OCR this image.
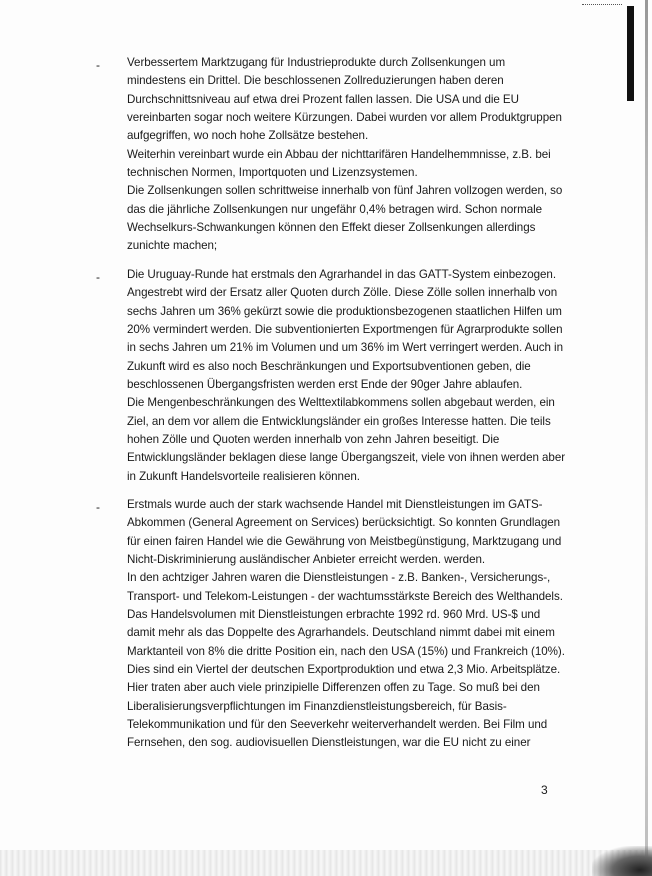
- Verbessertem Marktzugang für Industrieprodukte durch Zollsenkungen um
mindestens ein Drittel. Die beschlossenen Zollreduzierungen haben deren
Durchschnittsniveau auf etwa drei Prozent fallen lassen. Die USA und die EU
vereinbarten sogar noch weitere Kürzungen. Dabei wurden vor allem Produktgruppen
aufgegriffen, wo noch hohe Zollsätze bestehen.
Weiterhin vereinbart wurde ein Abbau der nichttarifären Handelhemmnisse, z.B. bei
technischen Normen, Importquoten und Lizenzsystemen.
Die Zollsenkungen sollen schrittweise innerhalb von fünf Jahren vollzogen werden, so
das die jährliche Zollsenkungen nur ungefähr 0,4% betragen wird. Schon normale
Wechselkurs-Schwankungen können den Effekt dieser Zollsenkungen allerdings
zunichte machen;
- Die Uruguay-Runde hat erstmals den Agrarhandel in das GATT-System einbezogen.
Angestrebt wird der Ersatz aller Quoten durch Zölle. Diese Zölle sollen innerhalb von
sechs Jahren um 36% gekürzt sowie die produktionsbezogenen staatlichen Hilfen um
20% vermindert werden. Die subventionierten Exportmengen für Agrarprodukte sollen
in sechs Jahren um 21% im Volumen und um 36% im Wert verringert werden. Auch in
Zukunft wird es also noch Beschränkungen und Exportsubventionen geben, die
beschlossenen Übergangsfristen werden erst Ende der 90ger Jahre ablaufen.
Die Mengenbeschränkungen des Welttextilabkommens sollen abgebaut werden, ein
Ziel, an dem vor allem die Entwicklungsländer ein großes Interesse hatten. Die teils
hohen Zölle und Quoten werden innerhalb von zehn Jahren beseitigt. Die
Entwicklungsländer beklagen diese lange Übergangszeit, viele von ihnen werden aber
in Zukunft Handelsvorteile realisieren können.
- Erstmals wurde auch der stark wachsende Handel mit Dienstleistungen im GATS-
Abkommen (General Agreement on Services) berücksichtigt. So konnten Grundlagen
für einen fairen Handel wie die Gewährung von Meistbegünstigung, Marktzugang und
Nicht-Diskriminierung ausländischer Anbieter erreicht werden. werden.
In den achtziger Jahren waren die Dienstleistungen - z.B. Banken-, Versicherungs-,
Transport- und Telekom-Leistungen - der wachtumsstärkste Bereich des Welthandels.
Das Handelsvolumen mit Dienstleistungen erbrachte 1992 rd. 960 Mrd. US-$ und
damit mehr als das Doppelte des Agrarhandels. Deutschland nimmt dabei mit einem
Marktanteil von 8% die dritte Position ein, nach den USA (15%) und Frankreich (10%).
Dies sind ein Viertel der deutschen Exportproduktion und etwa 2,3 Mio. Arbeitsplätze.
Hier traten aber auch viele prinzipielle Differenzen offen zu Tage. So muß bei den
Liberalisierungsverpflichtungen im Finanzdienstleistungsbereich, für Basis-
Telekommunikation und für den Seeverkehr weiterverhandelt werden. Bei Film und
Fernsehen, den sog. audiovisuellen Dienstleistungen, war die EU nicht zu einer
3
